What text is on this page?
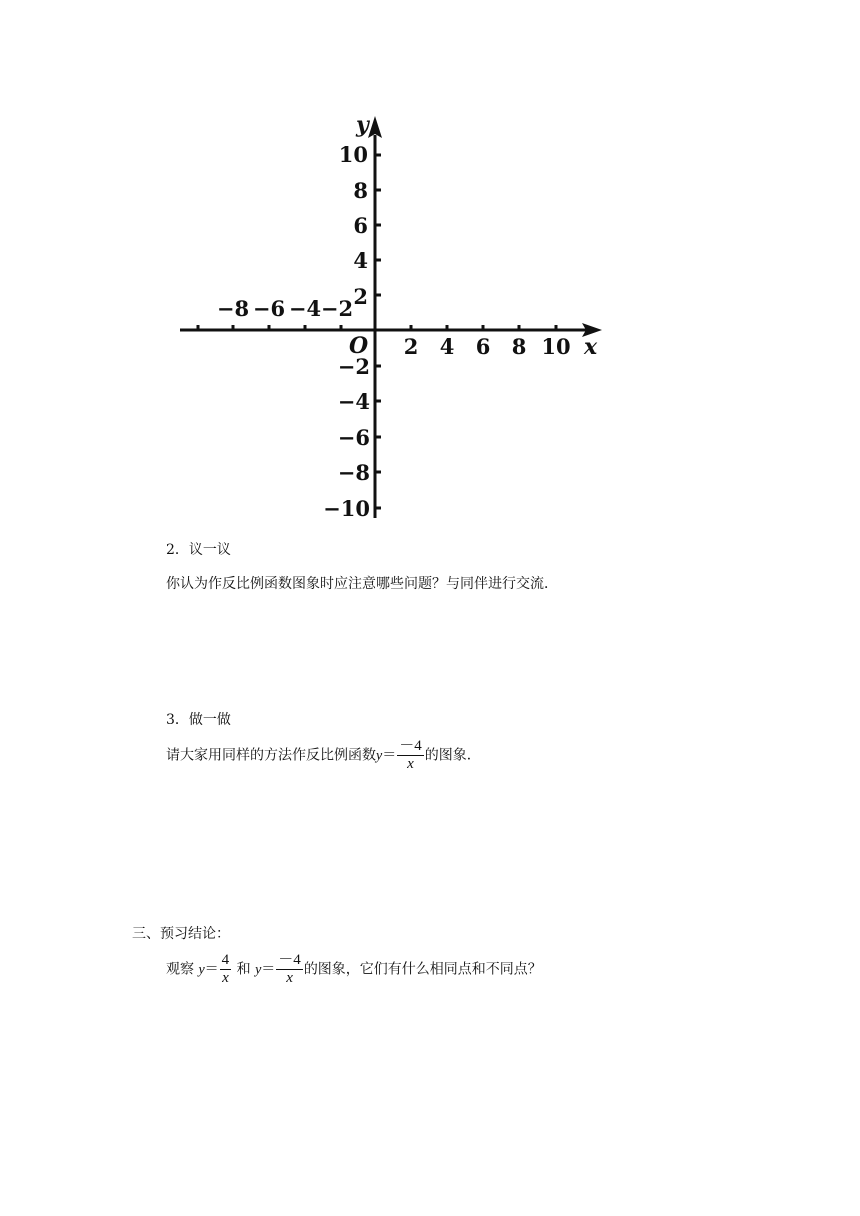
y
x
O 2 4 6 8 10
−8 −6 −4 −2
10
8
6
4
2
−2
−4
−6
−8
−10
2．议一议
你认为作反比例函数图象时应注意哪些问题？与同伴进行交流．
3．做一做
请大家用同样的方法作反比例函数$y= \frac{-4}{x}$ 的图象．
三、预习结论：
观察 $y= \frac{4}{x}$ 和 $y= \frac{-4}{x}$ 的图象，它们有什么相同点和不同点？
